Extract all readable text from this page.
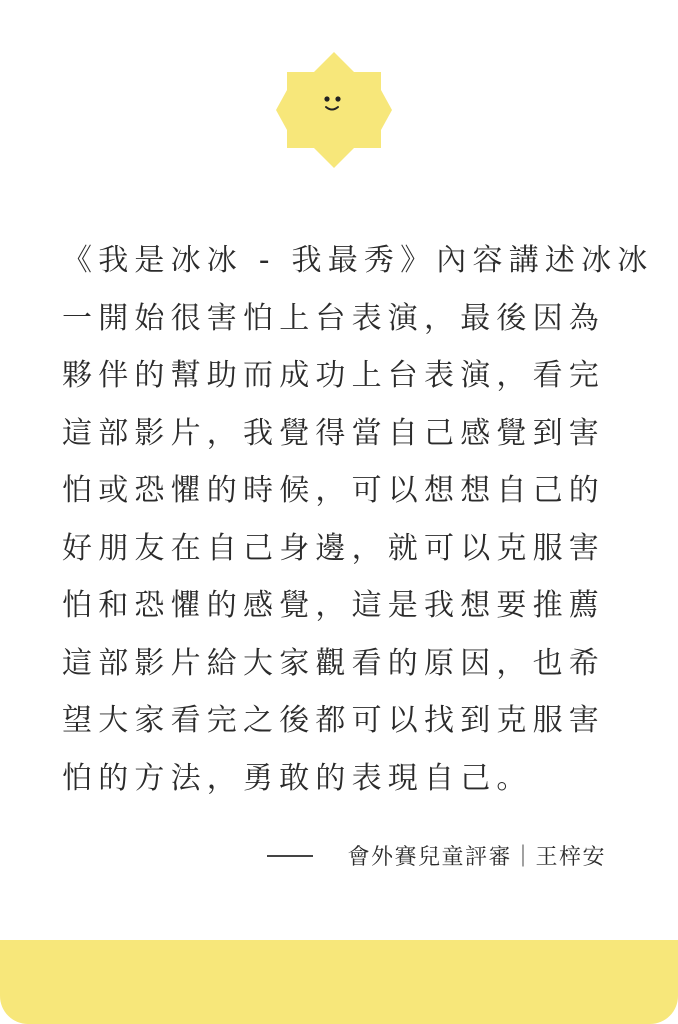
《我是冰冰 - 我最秀》內容講述冰冰
一開始很害怕上台表演，最後因為
夥伴的幫助而成功上台表演，看完
這部影片，我覺得當自己感覺到害
怕或恐懼的時候，可以想想自己的
好朋友在自己身邊，就可以克服害
怕和恐懼的感覺，這是我想要推薦
這部影片給大家觀看的原因，也希
望大家看完之後都可以找到克服害
怕的方法，勇敢的表現自己。
會外賽兒童評審 ｜ 王梓安
